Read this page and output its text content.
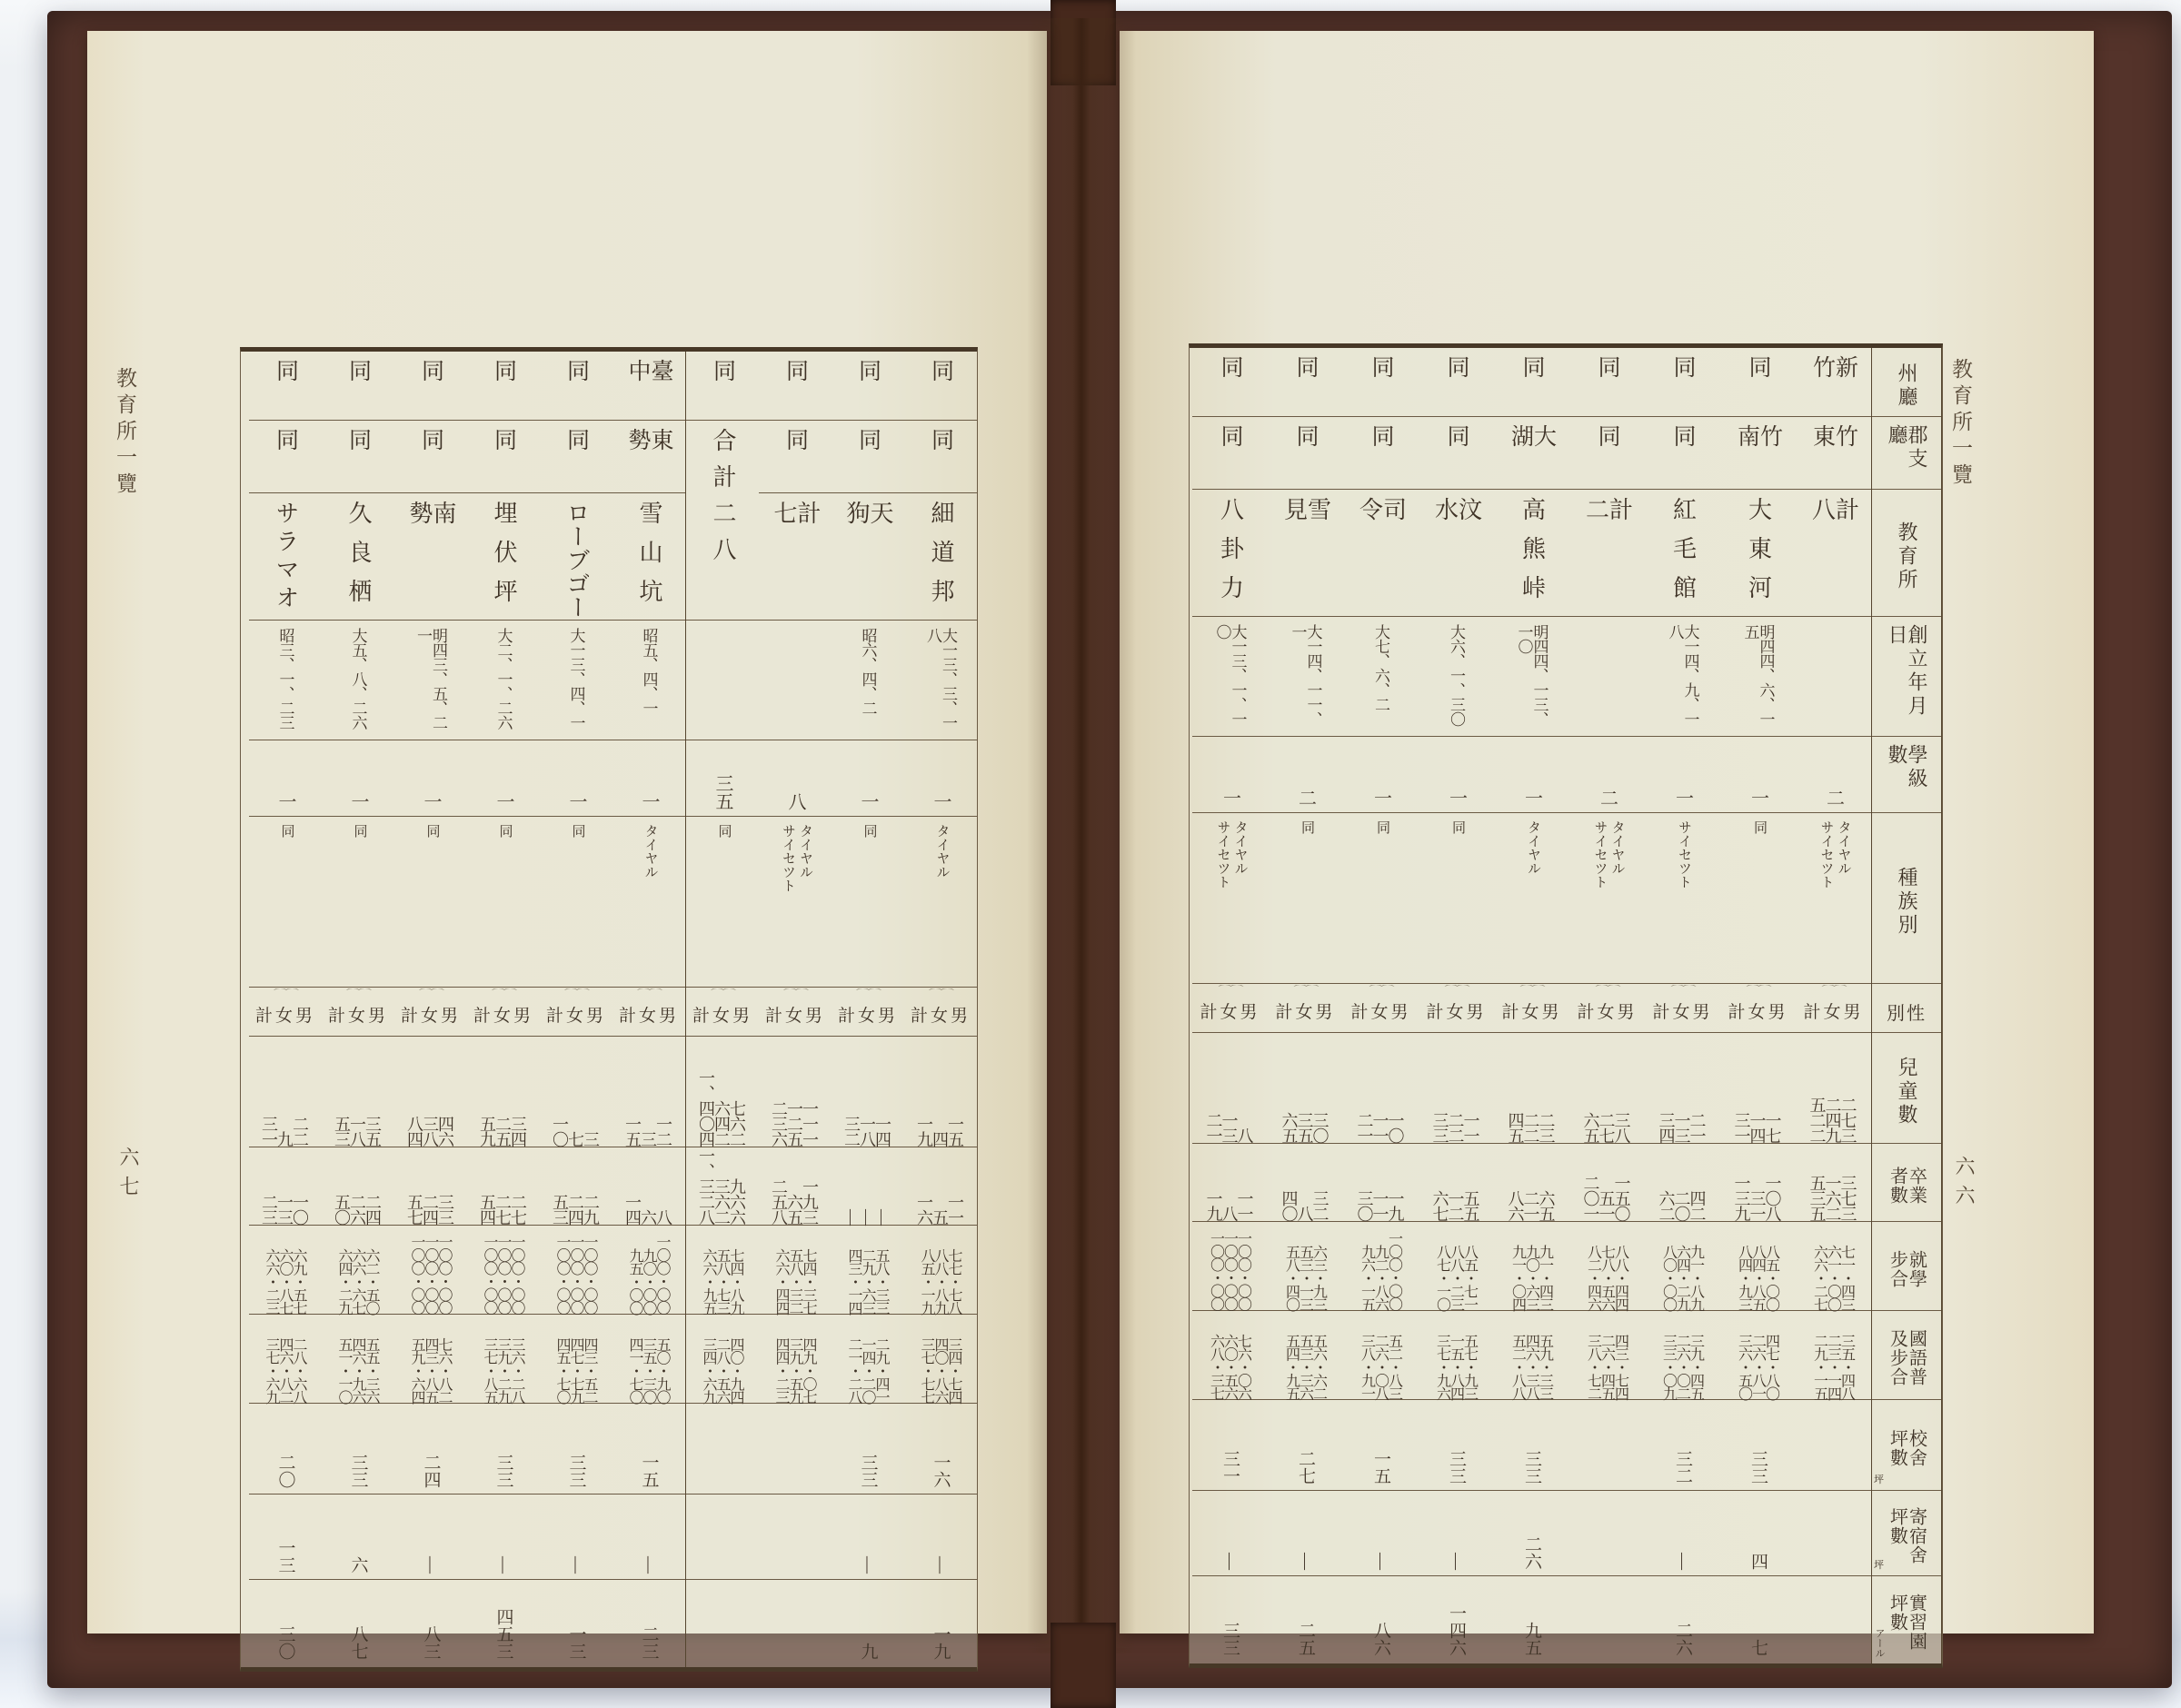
教育所一覽
六七
同
同
細道邦
大一三、三、一八
一
タイヤル
⌒⌒
計女男
一九
四
一五
一六
五
一一
八五・一九
八八・八九
七七・七八
三七・七七
四〇・八六
三四・七四
一六
—
一九
同
同
天狗
昭六、四、二
一
同
⌒⌒
計女男
三二
一八
一四
—
—
—
四三・一四
二九・六三
五八・三三
二一・二八
一四・二〇
二九・四一
三三
—
九
同
同
計七
八
タイヤル
サイセツト
⌒⌒
計女男
二三六
一二五
一一一
二五八
六五
一九三
六六・四四
五八・三二
七四・三七
四四・二三
三九・五九
四九・〇七
同
合計二八
三五
同
⌒⌒
計女男
一、四〇四
六四二
七六二
一、三二八
三六二
九六六
六六・九五
五八・七三
七四・八九
三四・六九
二八・五六
四〇・九四
臺中
東勢
雪山坑
昭五、四、一
一
タイヤル
⌒⌒
計女男
一五
三
一二
一四
六
八
九五・〇〇
九〇・〇〇
一〇〇・〇〇
四一・七〇
三五・三〇
五〇・九〇
一五
—
二三
同
同
ローブゴー
大一三、四、一
一
同
⌒⌒
計女男
一〇
七
三
五三
二四
二九
一〇〇・〇〇
一〇〇・〇〇
一〇〇・〇〇
四五・七〇
四七・七九
四三・五二
三三
—
一三
同
同
埋伏坪
大二、一、二六
一
同
⌒⌒
計女男
五九
二五
三四
五四
二七
二七
一〇〇・〇〇
一〇〇・〇〇
一〇〇・〇〇
三七・八五
三九・二九
三六・二八
三三
—
四五三
同
同
南勢
明四三、五、二一
一
同
⌒⌒
計女男
八四
三八
四六
五七
二四
三三
一〇〇・〇〇
一〇〇・〇〇
一〇〇・〇〇
五九・六四
四三・八五
七六・八二
二四
—
八三
同
同
久良栖
大五、八、二六
一
同
⌒⌒
計女男
五三
一八
三五
五〇
二六
二四
六四・二九
六六・六七
六二・五〇
五一・一〇
四六・九六
五五・三六
三三
六
八七
同
同
サラマオ
昭三、一、二三
一
同
⌒⌒
計女男
三一
九
二二
二三
一三
一〇
六六・二三
六〇・八七
六九・五七
三七・六九
四六・八二
二八・六八
二〇
一三
三〇
州廳
郡支廳
教育所
創立年月日
學級數
種族別
別性
兒童數
卒業
者數
就學
步合
國語普
及步合
校舍
坪數
坪
寄宿舍
坪數
坪
實習園
坪數
アール
新竹
竹東
計八
二
タイヤル
サイセツト
⌒⌒
計女男
五二二
二四九
二七三
五三五
一六二
三七三
六六・二七
六一・〇〇
七一・四三
二九・一五
二三・一四
三五・四八
同
竹南
大東河
明四四、六、一五
一
同
⌒⌒
計女男
三一
一四
一七
一三九
三一
一〇八
八四・九三
八四・八五
八五・〇〇
三六・五〇
二六・八一
四七・八〇
三三
四
七
同
同
紅毛館
大一四、九、一八
一
サイセツト
⌒⌒
計女男
三四
一三
二一
六二
二〇
四二
八〇・〇〇
六四・二九
九一・八九
三三・〇九
二六・〇二
三九・四五
三二
—
二六
同
同
計二
二
タイヤル
サイセツト
⌒⌒
計女男
六五
二七
三八
二〇一
五一
一五〇
八二・四六
七八・五六
八八・四四
三八・七二
二六・四五
四三・七四
同
大湖
高熊峠
明四四、一三、一〇
一
タイヤル
⌒⌒
計女男
四五
二二
二三
八六
二一
六五
九一・〇四
九〇・六三
九一・四三
五二・八八
四六・三八
五九・三三
三三
二六
九五
同
同
汶水
大六、一、三〇
一
同
⌒⌒
計女男
三三
二二
一一
六七
一二
五五
八七・一〇
八八・二三
八五・七一
三七・九六
一五・八四
五七・九三
三三
—
一四六
同
同
司令
大七、六、二
一
同
⌒⌒
計女男
二一
一一
一〇
三〇
一一
一九
九六・一五
九二・八六
一〇〇・〇〇
三八・九一
二六・〇八
五二・八三
一五
—
八六
同
同
雪見
大一四、一一、一
二
同
⌒⌒
計女男
六五
三五
三〇
四〇
八
三二
五八・四〇
五三・一三
六三・九三
五四・九五
五三・三六
五六・六二
二七
—
二五
同
同
八卦力
大一三、一、一〇
一
タイヤル
サイセツト
⌒⌒
計女男
二一
一三
八
一九
八
一一
一〇〇・〇〇
一〇〇・〇〇
一〇〇・〇〇
六八・三七
六〇・五六
七六・〇六
三一
—
三三
教育所一覽
六六
